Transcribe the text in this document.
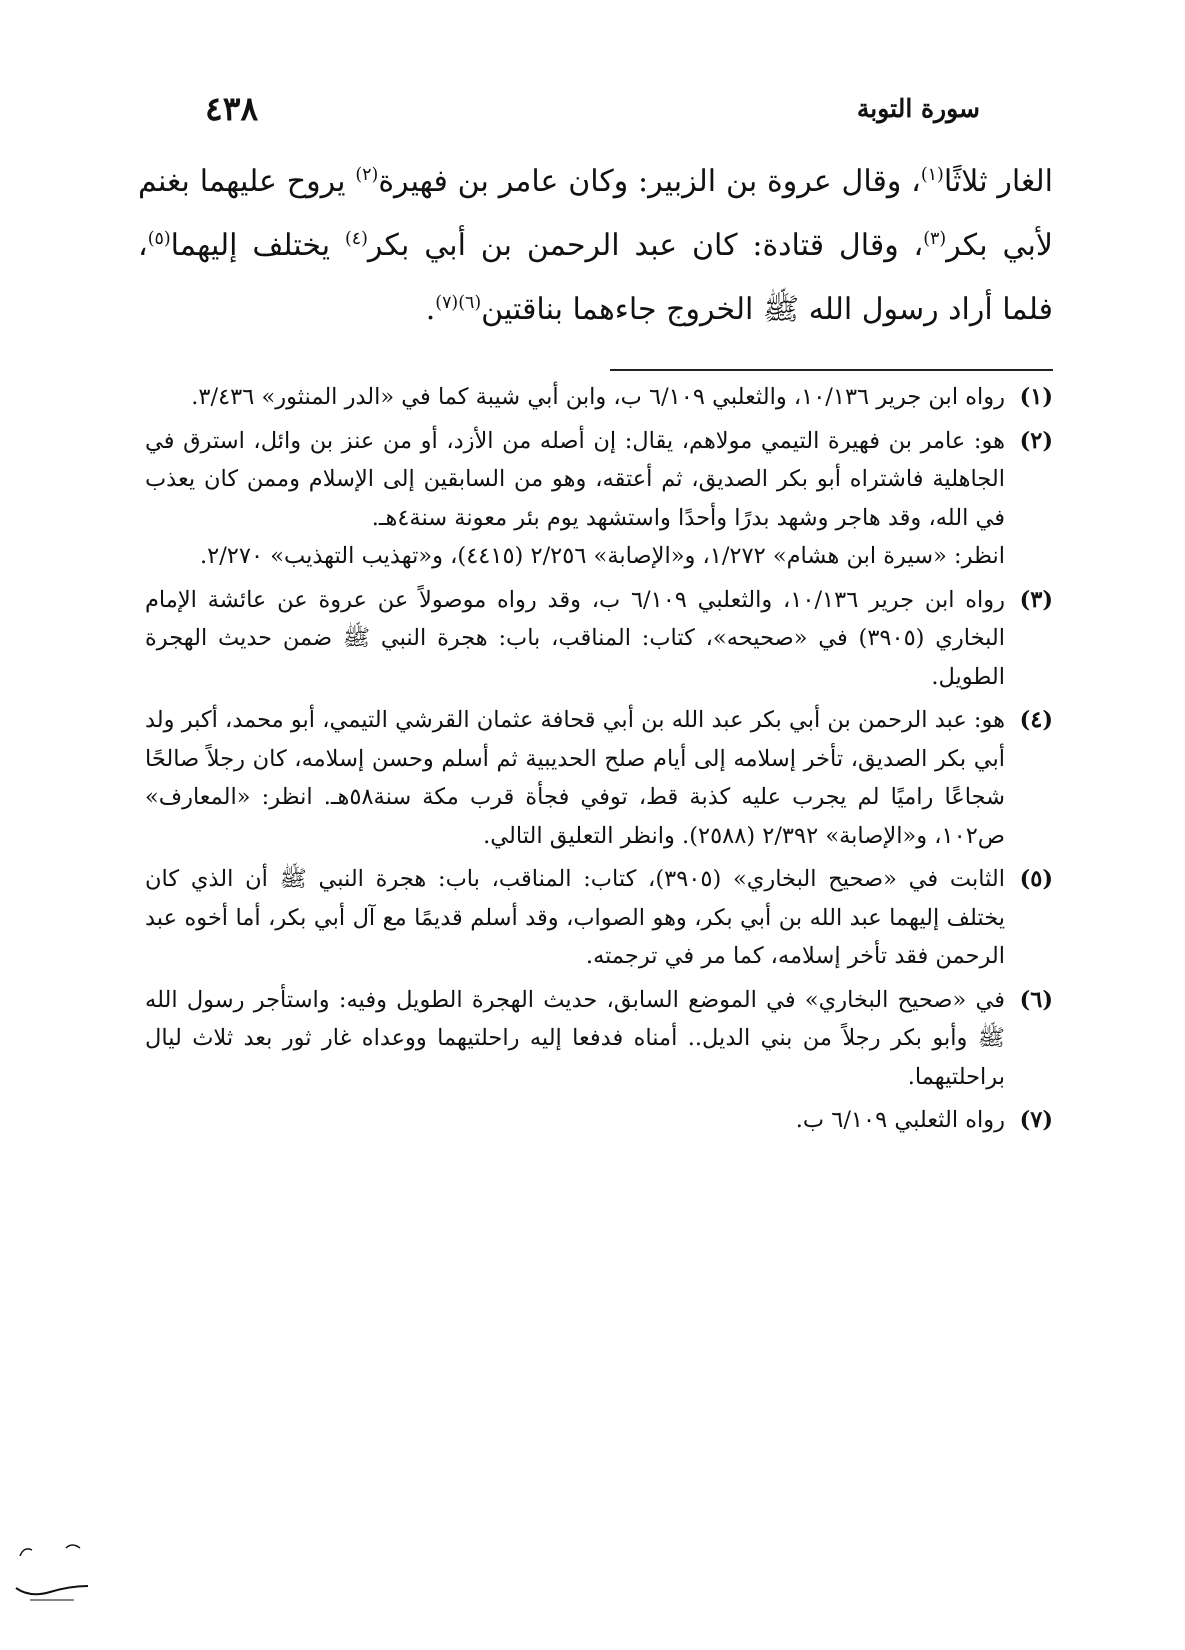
سورة التوبة
٤٣٨

الغار ثلاثًا$^{(١)}$، وقال عروة بن الزبير: وكان عامر بن فهيرة$^{(٢)}$ يروح عليهما بغنم لأبي بكر$^{(٣)}$، وقال قتادة: كان عبد الرحمن بن أبي بكر$^{(٤)}$ يختلف إليهما$^{(٥)}$، فلما أراد رسول الله ﷺ الخروج جاءهما بناقتين$^{(٦)(٧)}$.

(١)

رواه ابن جرير ١٠/١٣٦، والثعلبي ٦/١٠٩ ب، وابن أبي شيبة كما في «الدر المنثور» ٣/٤٣٦.

(٢)

هو: عامر بن فهيرة التيمي مولاهم، يقال: إن أصله من الأزد، أو من عنز بن وائل، استرق في الجاهلية فاشتراه أبو بكر الصديق، ثم أعتقه، وهو من السابقين إلى الإسلام وممن كان يعذب في الله، وقد هاجر وشهد بدرًا وأحدًا واستشهد يوم بئر معونة سنة٤هـ.

انظر: «سيرة ابن هشام» ١/٢٧٢، و«الإصابة» ٢/٢٥٦ (٤٤١٥)، و«تهذيب التهذيب» ٢/٢٧٠.

(٣)

رواه ابن جرير ١٠/١٣٦، والثعلبي ٦/١٠٩ ب، وقد رواه موصولاً عن عروة عن عائشة الإمام البخاري (٣٩٠٥) في «صحيحه»، كتاب: المناقب، باب: هجرة النبي ﷺ ضمن حديث الهجرة الطويل.

(٤)

هو: عبد الرحمن بن أبي بكر عبد الله بن أبي قحافة عثمان القرشي التيمي، أبو محمد، أكبر ولد أبي بكر الصديق، تأخر إسلامه إلى أيام صلح الحديبية ثم أسلم وحسن إسلامه، كان رجلاً صالحًا شجاعًا راميًا لم يجرب عليه كذبة قط، توفي فجأة قرب مكة سنة٥٨هـ. انظر: «المعارف» ص١٠٢، و«الإصابة» ٢/٣٩٢ (٢٥٨٨). وانظر التعليق التالي.

(٥)

الثابت في «صحيح البخاري» (٣٩٠٥)، كتاب: المناقب، باب: هجرة النبي ﷺ أن الذي كان يختلف إليهما عبد الله بن أبي بكر، وهو الصواب، وقد أسلم قديمًا مع آل أبي بكر، أما أخوه عبد الرحمن فقد تأخر إسلامه، كما مر في ترجمته.

(٦)

في «صحيح البخاري» في الموضع السابق، حديث الهجرة الطويل وفيه: واستأجر رسول الله ﷺ وأبو بكر رجلاً من بني الديل.. أمناه فدفعا إليه راحلتيهما ووعداه غار ثور بعد ثلاث ليال براحلتيهما.

(٧)

رواه الثعلبي ٦/١٠٩ ب.
